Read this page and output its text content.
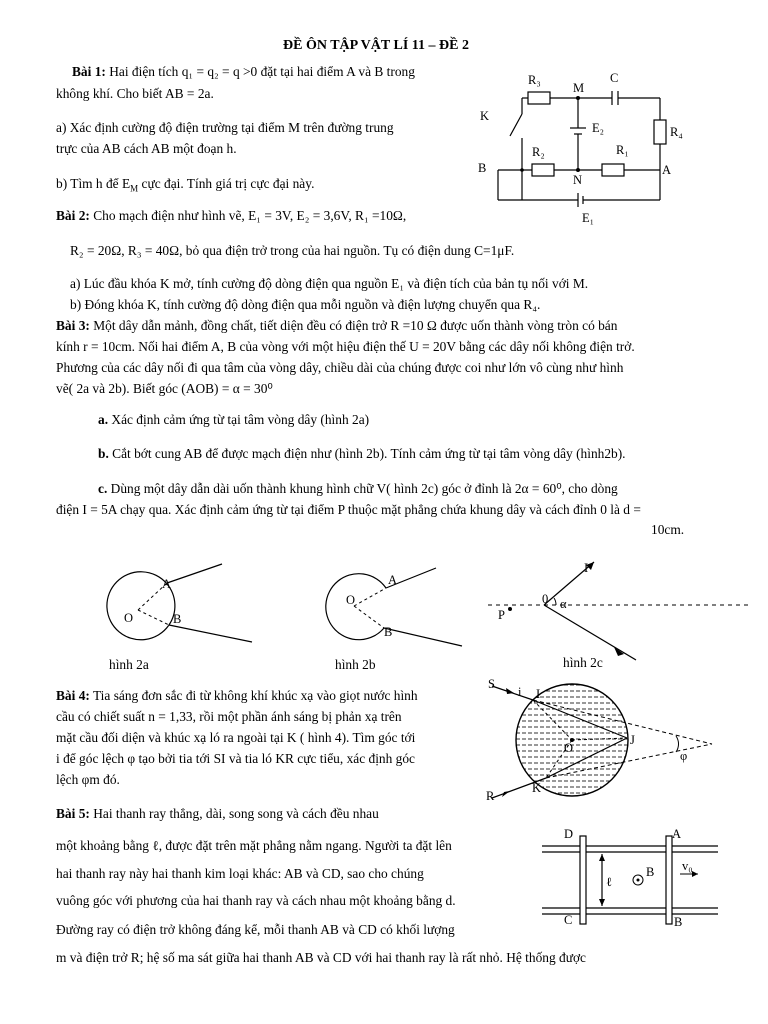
ĐỀ ÔN TẬP VẬT LÍ 11 – ĐỀ 2
Bài 1: Hai điện tích q₁ = q₂ = q >0 đặt tại hai điểm A và B trong
không khí. Cho biết AB = 2a.
a) Xác định cường độ điện trường tại điểm M trên đường trung
trực của AB cách AB một đoạn h.
b) Tìm h để $E_M$ cực đại. Tính giá trị cực đại này.
R₃
M
C
K
E₂	R₄
R₂	R₁
B	A
N
E₁
Bài 2: Cho mạch điện như hình vẽ, E₁ = 3V, E₂ = 3,6V, R₁ =10Ω,
R₂ = 20Ω, R₃ = 40Ω, bỏ qua điện trở trong của hai nguồn. Tụ có điện dung C=1μF.
a) Lúc đầu khóa K mở, tính cường độ dòng điện qua nguồn E₁ và điện tích của bản tụ nối với M.
b) Đóng khóa K, tính cường độ dòng điện qua mỗi nguồn và điện lượng chuyển qua R₄.
Bài 3: Một dây dẫn mảnh, đồng chất, tiết diện đều có điện trở R =10 Ω được uốn thành vòng tròn có bán
kính r = 10cm. Nối hai điểm A, B của vòng với một hiệu điện thế U = 20V bằng các dây nối không điện trở.
Phương của các dây nối đi qua tâm của vòng dây, chiều dài của chúng được coi như lớn vô cùng như hình
vẽ( 2a và 2b). Biết góc (AOB) = α = 30⁰
a. Xác định cảm ứng từ tại tâm vòng dây (hình 2a)
b. Cắt bớt cung AB để được mạch điện như (hình 2b). Tính cảm ứng từ tại tâm vòng dây (hình2b).
c. Dùng một dây dẫn dài uốn thành khung hình chữ V( hình 2c) góc ở đỉnh là 2α = 60⁰, cho dòng
điện I = 5A chạy qua. Xác định cảm ứng từ tại điểm P thuộc mặt phẳng chứa khung dây và cách đỉnh 0 là d =
10cm.
A
B
O
hình 2a
A
B
O
hình 2b
P
0 α
I
hình 2c
Bài 4: Tia sáng đơn sắc đi từ không khí khúc xạ vào giọt nước hình
cầu có chiết suất n = 1,33, rồi một phần ánh sáng bị phản xạ trên
mặt cầu đối diện và khúc xạ ló ra ngoài tại K ( hình 4). Tìm góc tới
i để góc lệch φ tạo bởi tia tới SI và tia ló KR cực tiểu, xác định góc
lệch φm đó.
S
i I
O
J
K
R
φ
Bài 5: Hai thanh ray thẳng, dài, song song và cách đều nhau
một khoảng bằng ℓ, được đặt trên mặt phẳng nằm ngang. Người ta đặt lên
hai thanh ray này hai thanh kim loại khác: AB và CD, sao cho chúng
vuông góc với phương của hai thanh ray và cách nhau một khoảng bằng d.
Đường ray có điện trở không đáng kể, mỗi thanh AB và CD có khối lượng
m và điện trở R; hệ số ma sát giữa hai thanh AB và CD với hai thanh ray là rất nhỏ. Hệ thống được
D	A
C	B
ℓ
B v₀
